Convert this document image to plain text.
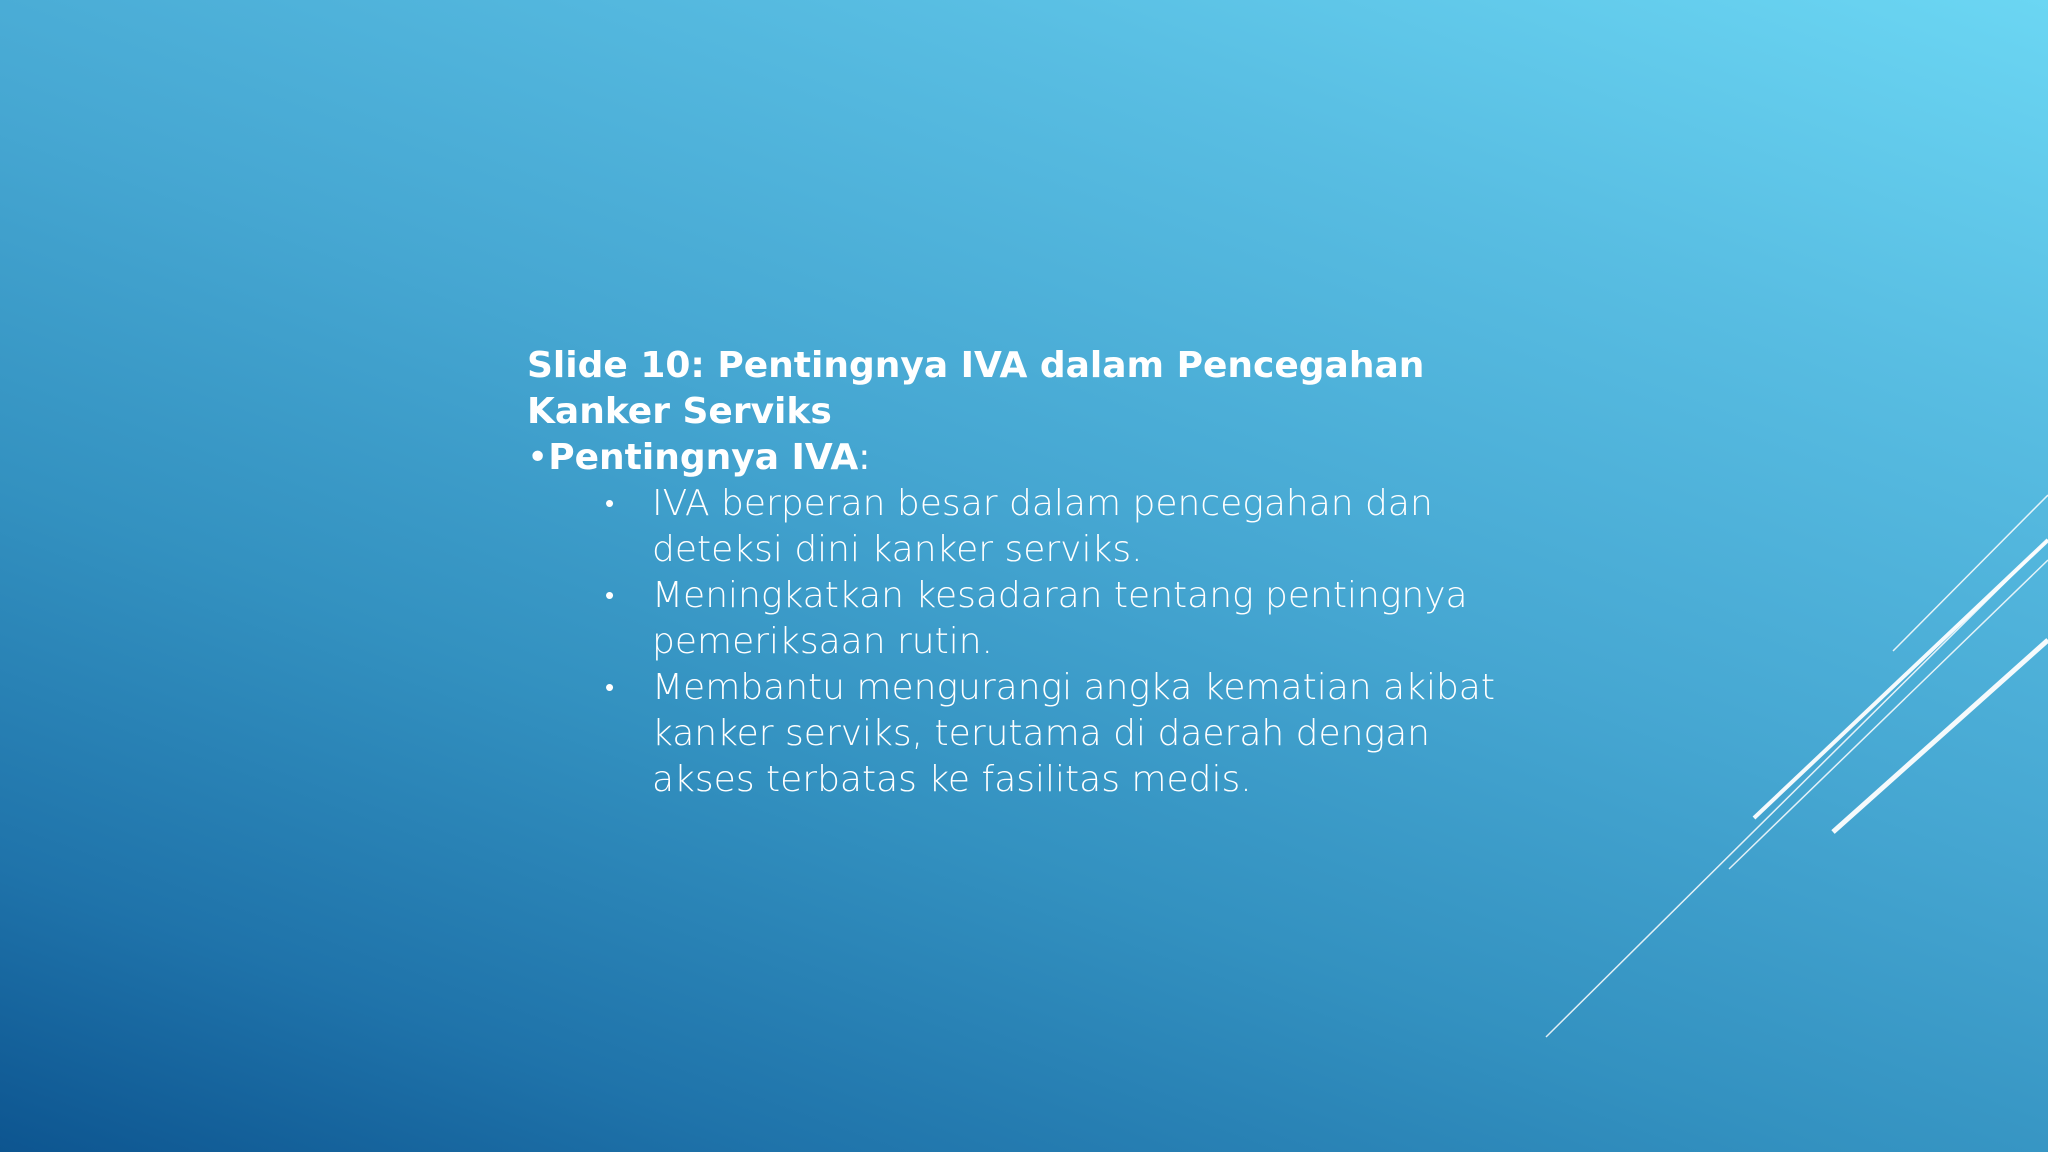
Slide 10: Pentingnya IVA dalam Pencegahan Kanker Serviks

•Pentingnya IVA:

• IVA berperan besar dalam pencegahan dan deteksi dini kanker serviks.
• Meningkatkan kesadaran tentang pentingnya pemeriksaan rutin.
• Membantu mengurangi angka kematian akibat kanker serviks, terutama di daerah dengan akses terbatas ke fasilitas medis.
